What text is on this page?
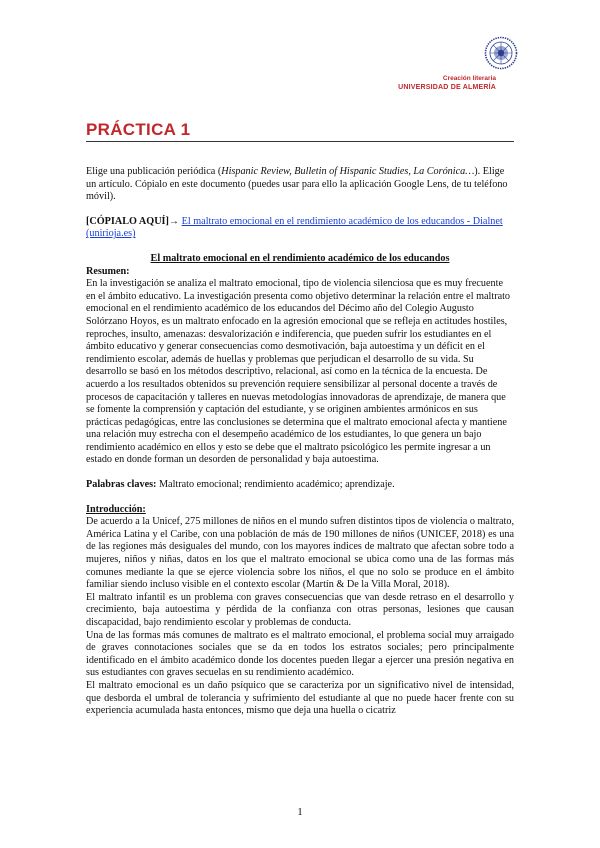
Creación literaria
UNIVERSIDAD DE ALMERÍA
PRÁCTICA 1

Elige una publicación periódica (Hispanic Review, Bulletin of Hispanic Studies, La Corónica…). Elige un artículo. Cópialo en este documento (puedes usar para ello la aplicación Google Lens, de tu teléfono móvil).

[CÓPIALO AQUÍ]→ El maltrato emocional en el rendimiento académico de los educandos - Dialnet (unirioja.es)

El maltrato emocional en el rendimiento académico de los educandos

Resumen:

En la investigación se analiza el maltrato emocional, tipo de violencia silenciosa que es muy frecuente en el ámbito educativo. La investigación presenta como objetivo determinar la relación entre el maltrato emocional en el rendimiento académico de los educandos del Décimo año del Colegio Augusto Solórzano Hoyos, es un maltrato enfocado en la agresión emocional que se refleja en actitudes hostiles, reproches, insulto, amenazas: desvalorización e indiferencia, que pueden sufrir los estudiantes en el ámbito educativo y generar consecuencias como desmotivación, baja autoestima y un déficit en el rendimiento escolar, además de huellas y problemas que perjudican el desarrollo de su vida. Su desarrollo se basó en los métodos descriptivo, relacional, así como en la técnica de la encuesta. De acuerdo a los resultados obtenidos su prevención requiere sensibilizar al personal docente a través de procesos de capacitación y talleres en nuevas metodologías innovadoras de aprendizaje, de manera que se fomente la comprensión y captación del estudiante, y se originen ambientes armónicos en sus prácticas pedagógicas, entre las conclusiones se determina que el maltrato emocional afecta y mantiene una relación muy estrecha con el desempeño académico de los estudiantes, lo que genera un bajo rendimiento académico en ellos y esto se debe que el maltrato psicológico les permite ingresar a un estado en donde forman un desorden de personalidad y baja autoestima.

Palabras claves: Maltrato emocional; rendimiento académico; aprendizaje.

Introducción:

De acuerdo a la Unicef, 275 millones de niños en el mundo sufren distintos tipos de violencia o maltrato, América Latina y el Caribe, con una población de más de 190 millones de niños (UNICEF, 2018) es una de las regiones más desiguales del mundo, con los mayores índices de maltrato que afectan sobre todo a mujeres, niños y niñas, datos en los que el maltrato emocional se ubica como una de las formas más comunes mediante la que se ejerce violencia sobre los niños, el que no solo se produce en el ámbito familiar siendo incluso visible en el contexto escolar (Martín & De la Villa Moral, 2018).

El maltrato infantil es un problema con graves consecuencias que van desde retraso en el desarrollo y crecimiento, baja autoestima y pérdida de la confianza con otras personas, lesiones que causan discapacidad, bajo rendimiento escolar y problemas de conducta.

Una de las formas más comunes de maltrato es el maltrato emocional, el problema social muy arraigado de graves connotaciones sociales que se da en todos los estratos sociales; pero principalmente identificado en el ámbito académico donde los docentes pueden llegar a ejercer una presión negativa en sus estudiantes con graves secuelas en su rendimiento académico.

El maltrato emocional es un daño psíquico que se caracteriza por un significativo nivel de intensidad, que desborda el umbral de tolerancia y sufrimiento del estudiante al que no puede hacer frente con su experiencia acumulada hasta entonces, mismo que deja una huella o cicatriz

1
